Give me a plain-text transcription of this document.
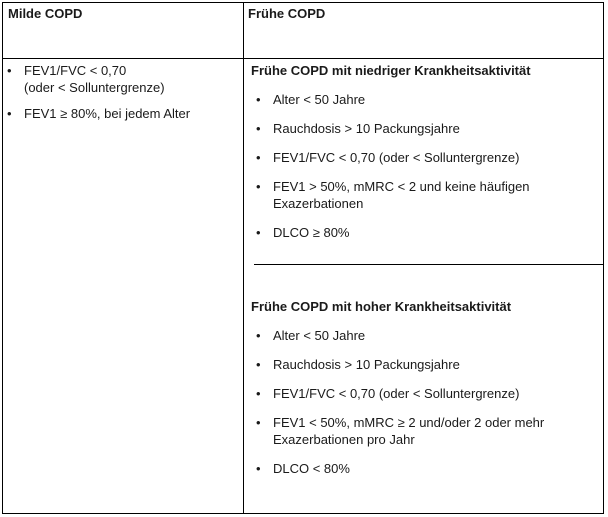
Milde COPD	Frühe COPD
• FEV1/FVC < 0,70
(oder < Solluntergrenze)
• FEV1 ≥ 80%, bei jedem Alter
Frühe COPD mit niedriger Krankheitsaktivität
• Alter < 50 Jahre
• Rauchdosis > 10 Packungsjahre
• FEV1/FVC < 0,70 (oder < Solluntergrenze)
• FEV1 > 50%, mMRC < 2 und keine häufigen
Exazerbationen
• DLCO ≥ 80%
Frühe COPD mit hoher Krankheitsaktivität
• Alter < 50 Jahre
• Rauchdosis > 10 Packungsjahre
• FEV1/FVC < 0,70 (oder < Solluntergrenze)
• FEV1 < 50%, mMRC ≥ 2 und/oder 2 oder mehr
Exazerbationen pro Jahr
• DLCO < 80%
